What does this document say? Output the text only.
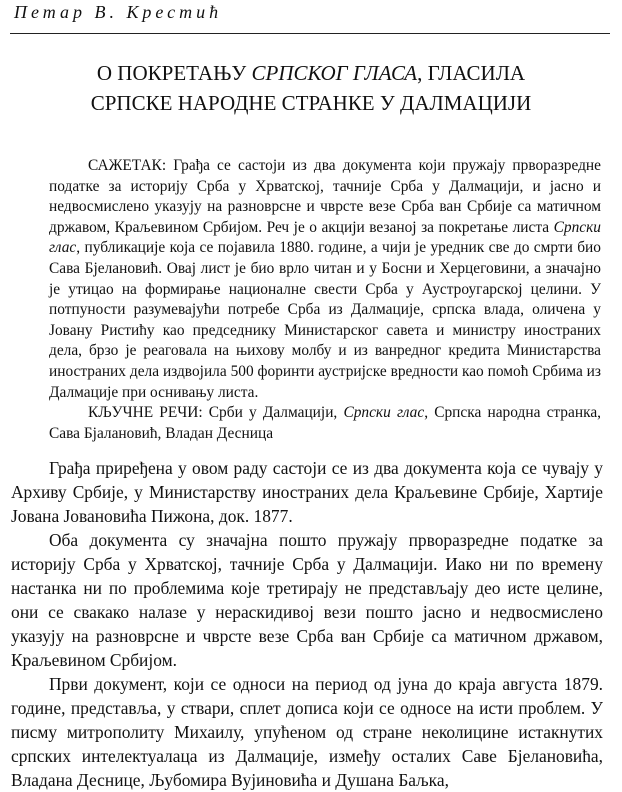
Петар В. Крестић
О ПОКРЕТАЊУ СРПСКОГ ГЛАСА, ГЛАСИЛА
СРПСКЕ НАРОДНЕ СТРАНКЕ У ДАЛМАЦИЈИ

САЖЕТАК: Грађа се састоји из два документа који пружају прворазредне податке за историју Срба у Хрватској, тачније Срба у Далмацији, и јасно и недвосмислено указују на разноврсне и чврсте везе Срба ван Србије са матичном државом, Краљевином Србијом. Реч је о акцији везаној за покретање листа Српски глас, публикације која се појавила 1880. године, а чији је уредник све до смрти био Сава Бјелановић. Овај лист је био врло читан и у Босни и Херцеговини, а значајно је утицао на формирање националне свести Срба у Аустроугарској целини. У потпуности разумевајући потребе Срба из Далмације, српска влада, оличена у Јовану Ристићу као председнику Министарског савета и министру иностраних дела, брзо је реаговала на њихову молбу и из ванредног кредита Министарства иностраних дела издвојила 500 форинти аустријске вредности као помоћ Србима из Далмације при оснивању листа.

КЉУЧНЕ РЕЧИ: Срби у Далмацији, Српски глас, Српска народна странка, Сава Бјалановић, Владан Десница

Грађа приређена у овом раду састоји се из два документа која се чувају у Архиву Србије, у Министарству иностраних дела Краљевине Србије, Хартије Јована Јовановића Пижона, док. 1877.

Оба документа су значајна пошто пружају прворазредне податке за историју Срба у Хрватској, тачније Срба у Далмацији. Иако ни по времену настанка ни по проблемима које третирају не представљају део исте целине, они се свакако налазе у нераскидивој вези пошто јасно и недвосмислено указују на разноврсне и чврсте везе Срба ван Србије са матичном државом, Краљевином Србијом.

Први документ, који се односи на период од јуна до краја августа 1879. године, представља, у ствари, сплет дописа који се односе на исти проблем. У писму митрополиту Михаилу, упућеном од стране неколицине истакнутих српских интелектуалаца из Далмације, између осталих Саве Бјелановића, Владана Деснице, Љубомира Вујиновића и Душана Баљка,
